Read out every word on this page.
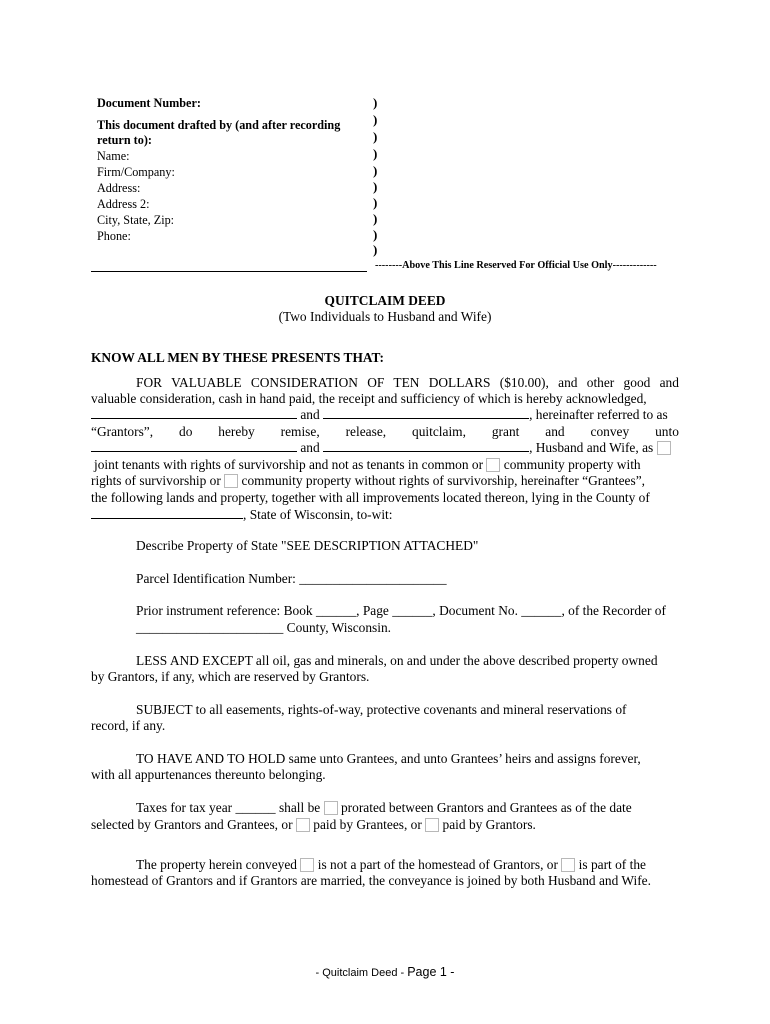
Document Number:
This document drafted by (and after recording
return to):
Name:
Firm/Company:
Address:
Address 2:
City, State, Zip:
Phone:
)
)
)
)
)
)
)
)
)
)
--------Above This Line Reserved For Official Use Only-------------
QUITCLAIM DEED
(Two Individuals to Husband and Wife)
KNOW ALL MEN BY THESE PRESENTS THAT:
FOR VALUABLE CONSIDERATION OF TEN DOLLARS ($10.00), and other good and
valuable consideration, cash in hand paid, the receipt and sufficiency of which is hereby acknowledged,
and	, hereinafter referred to as
“Grantors”, do hereby remise, release, quitclaim, grant and convey unto
and	, Husband and Wife, as
joint tenants with rights of survivorship and not as tenants in common or community property with
rights of survivorship or community property without rights of survivorship, hereinafter “Grantees”,
the following lands and property, together with all improvements located thereon, lying in the County of
, State of Wisconsin, to-wit:
Describe Property of State "SEE DESCRIPTION ATTACHED"
Parcel Identification Number: ______________________
Prior instrument reference: Book ______, Page ______, Document No. ______, of the Recorder of
______________________ County, Wisconsin.
LESS AND EXCEPT all oil, gas and minerals, on and under the above described property owned
by Grantors, if any, which are reserved by Grantors.
SUBJECT to all easements, rights-of-way, protective covenants and mineral reservations of
record, if any.
TO HAVE AND TO HOLD same unto Grantees, and unto Grantees’ heirs and assigns forever,
with all appurtenances thereunto belonging.
Taxes for tax year ______ shall be prorated between Grantors and Grantees as of the date
selected by Grantors and Grantees, or paid by Grantees, or paid by Grantors.
The property herein conveyed is not a part of the homestead of Grantors, or is part of the
homestead of Grantors and if Grantors are married, the conveyance is joined by both Husband and Wife.
- Quitclaim Deed - Page 1 -
